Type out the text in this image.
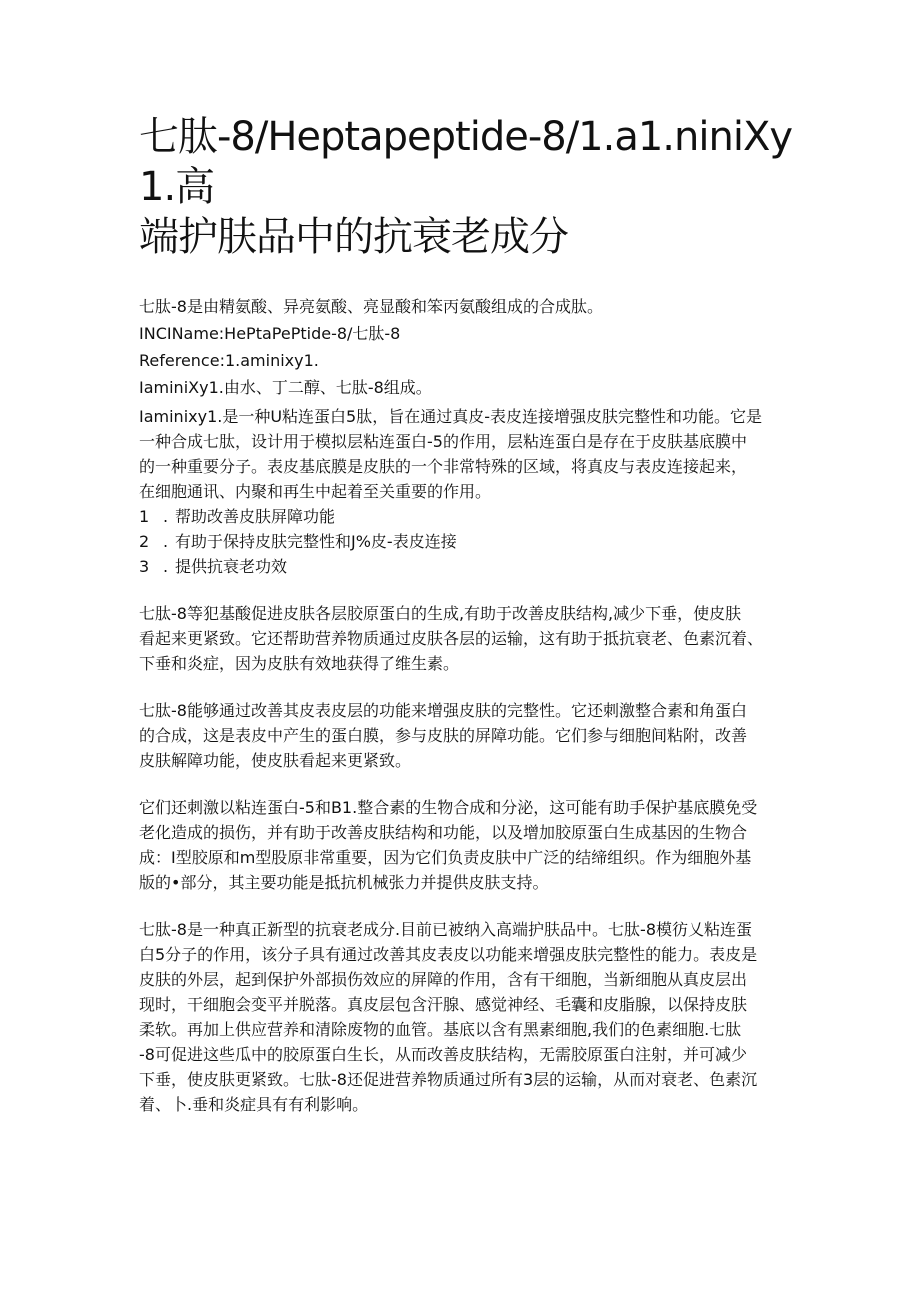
七肽-8/Heptapeptide-8/1.a1.niniXy1.高
端护肤品中的抗衰老成分

七肽-8是由精氨酸、异亮氨酸、亮显酸和笨丙氨酸组成的合成肽。

INCIName:HePtaPePtide-8/七肽-8

Reference:1.aminixy1.

IaminiXy1.由水、丁二醇、七肽-8组成。

Iaminixy1.是一种U粘连蛋白5肽，旨在通过真皮-表皮连接增强皮肤完整性和功能。它是

一种合成七肽，设计用于模拟层粘连蛋白-5的作用，层粘连蛋白是存在于皮肤基底膜中

的一种重要分子。表皮基底膜是皮肤的一个非常特殊的区域，将真皮与表皮连接起来，

在细胞通讯、内聚和再生中起着至关重要的作用。

1 . 帮助改善皮肤屏障功能
2 . 有助于保持皮肤完整性和J%皮-表皮连接
3 . 提供抗衰老功效

七肽-8等犯基酸促进皮肤各层胶原蛋白的生成,有助于改善皮肤结构,减少下垂，使皮肤

看起来更紧致。它还帮助营养物质通过皮肤各层的运输，这有助于抵抗衰老、色素沉着、

下垂和炎症，因为皮肤有效地获得了维生素。

七肽-8能够通过改善其皮表皮层的功能来增强皮肤的完整性。它还刺激整合素和角蛋白

的合成，这是表皮中产生的蛋白膜，参与皮肤的屏障功能。它们参与细胞间粘附，改善

皮肤解障功能，使皮肤看起来更紧致。

它们还刺激以粘连蛋白-5和B1.整合素的生物合成和分泌，这可能有助手保护基底膜免受

老化造成的损伤，并有助于改善皮肤结构和功能，以及增加胶原蛋白生成基因的生物合

成：I型胶原和m型股原非常重要，因为它们负责皮肤中广泛的结缔组织。作为细胞外基

版的•部分，其主要功能是抵抗机械张力并提供皮肤支持。

七肽-8是一种真正新型的抗衰老成分.目前已被纳入高端护肤品中。七肽-8模彷乂粘连蛋

白5分子的作用，该分子具有通过改善其皮表皮以功能来增强皮肤完整性的能力。表皮是

皮肤的外层，起到保护外部损伤效应的屏障的作用，含有干细胞，当新细胞从真皮层出

现时，干细胞会变平并脱落。真皮层包含汗腺、感觉神经、毛囊和皮脂腺，以保持皮肤

柔软。再加上供应营养和清除废物的血管。基底以含有黑素细胞,我们的色素细胞.七肽

-8可促进这些瓜中的胶原蛋白生长，从而改善皮肤结构，无需胶原蛋白注射，并可减少

下垂，使皮肤更紧致。七肽-8还促进营养物质通过所有3层的运输，从而对衰老、色素沉

着、卜.垂和炎症具有有利影响。
